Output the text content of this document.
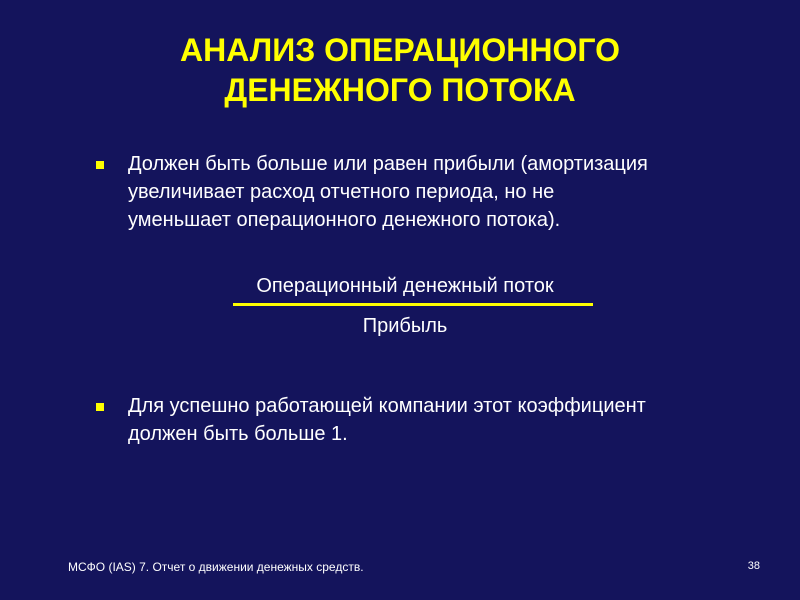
АНАЛИЗ ОПЕРАЦИОННОГО
ДЕНЕЖНОГО ПОТОКА
Должен быть больше или равен прибыли (амортизация
увеличивает расход отчетного периода, но не
уменьшает операционного денежного потока).
Операционный денежный поток
Прибыль
Для успешно работающей компании этот коэффициент
должен быть больше 1.
МСФО (IAS) 7. Отчет о движении денежных средств.	38
